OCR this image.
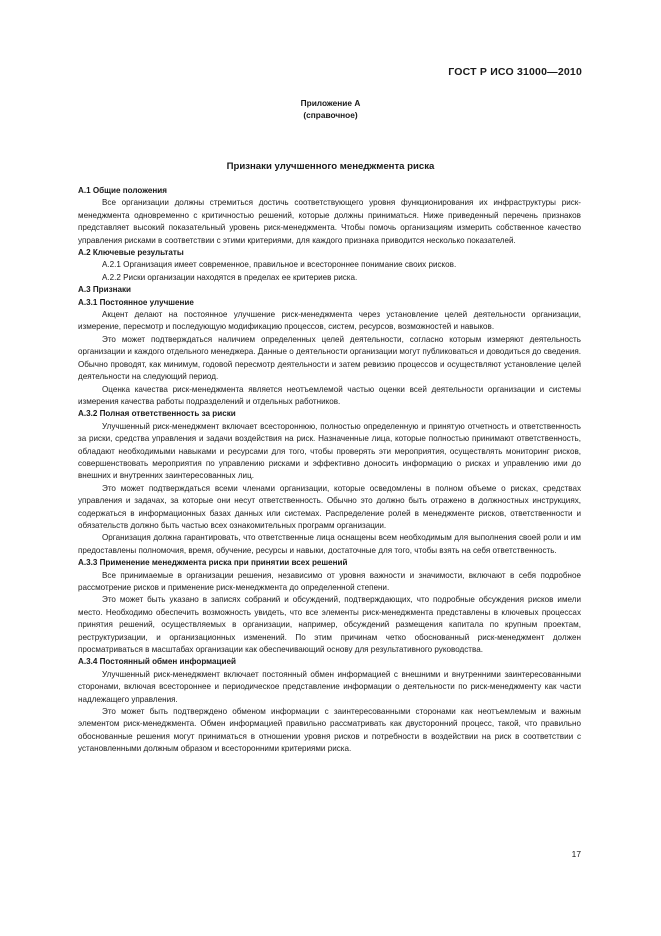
ГОСТ Р ИСО 31000—2010
Приложение А
(справочное)
Признаки улучшенного менеджмента риска
А.1 Общие положения

Все организации должны стремиться достичь соответствующего уровня функционирования их инфраструктуры риск-менеджмента одновременно с критичностью решений, которые должны приниматься. Ниже приведенный перечень признаков представляет высокий показательный уровень риск-менеджмента. Чтобы помочь организациям измерить собственное качество управления рисками в соответствии с этими критериями, для каждого признака приводится несколько показателей.

А.2 Ключевые результаты

А.2.1 Организация имеет современное, правильное и всестороннее понимание своих рисков.

А.2.2 Риски организации находятся в пределах ее критериев риска.

А.3 Признаки
А.3.1 Постоянное улучшение

Акцент делают на постоянное улучшение риск-менеджмента через установление целей деятельности организации, измерение, пересмотр и последующую модификацию процессов, систем, ресурсов, возможностей и навыков.

Это может подтверждаться наличием определенных целей деятельности, согласно которым измеряют деятельность организации и каждого отдельного менеджера. Данные о деятельности организации могут публиковаться и доводиться до сведения. Обычно проводят, как минимум, годовой пересмотр деятельности и затем ревизию процессов и осуществляют установление целей деятельности на следующий период.

Оценка качества риск-менеджмента является неотъемлемой частью оценки всей деятельности организации и системы измерения качества работы подразделений и отдельных работников.

А.3.2 Полная ответственность за риски

Улучшенный риск-менеджмент включает всестороннюю, полностью определенную и принятую отчетность и ответственность за риски, средства управления и задачи воздействия на риск. Назначенные лица, которые полностью принимают ответственность, обладают необходимыми навыками и ресурсами для того, чтобы проверять эти мероприятия, осуществлять мониторинг рисков, совершенствовать мероприятия по управлению рисками и эффективно доносить информацию о рисках и управлению ими до внешних и внутренних заинтересованных лиц.

Это может подтверждаться всеми членами организации, которые осведомлены в полном объеме о рисках, средствах управления и задачах, за которые они несут ответственность. Обычно это должно быть отражено в должностных инструкциях, содержаться в информационных базах данных или системах. Распределение ролей в менеджменте рисков, ответственности и обязательств должно быть частью всех ознакомительных программ организации.

Организация должна гарантировать, что ответственные лица оснащены всем необходимым для выполнения своей роли и им предоставлены полномочия, время, обучение, ресурсы и навыки, достаточные для того, чтобы взять на себя ответственность.

А.3.3 Применение менеджмента риска при принятии всех решений

Все принимаемые в организации решения, независимо от уровня важности и значимости, включают в себя подробное рассмотрение рисков и применение риск-менеджмента до определенной степени.

Это может быть указано в записях собраний и обсуждений, подтверждающих, что подробные обсуждения рисков имели место. Необходимо обеспечить возможность увидеть, что все элементы риск-менеджмента представлены в ключевых процессах принятия решений, осуществляемых в организации, например, обсуждений размещения капитала по крупным проектам, реструктуризации, и организационных изменений. По этим причинам четко обоснованный риск-менеджмент должен просматриваться в масштабах организации как обеспечивающий основу для результативного руководства.

А.3.4 Постоянный обмен информацией

Улучшенный риск-менеджмент включает постоянный обмен информацией с внешними и внутренними заинтересованными сторонами, включая всестороннее и периодическое представление информации о деятельности по риск-менеджменту как части надлежащего управления.

Это может быть подтверждено обменом информации с заинтересованными сторонами как неотъемлемым и важным элементом риск-менеджмента. Обмен информацией правильно рассматривать как двусторонний процесс, такой, что правильно обоснованные решения могут приниматься в отношении уровня рисков и потребности в воздействии на риск в соответствии с установленными должным образом и всесторонними критериями риска.

17
